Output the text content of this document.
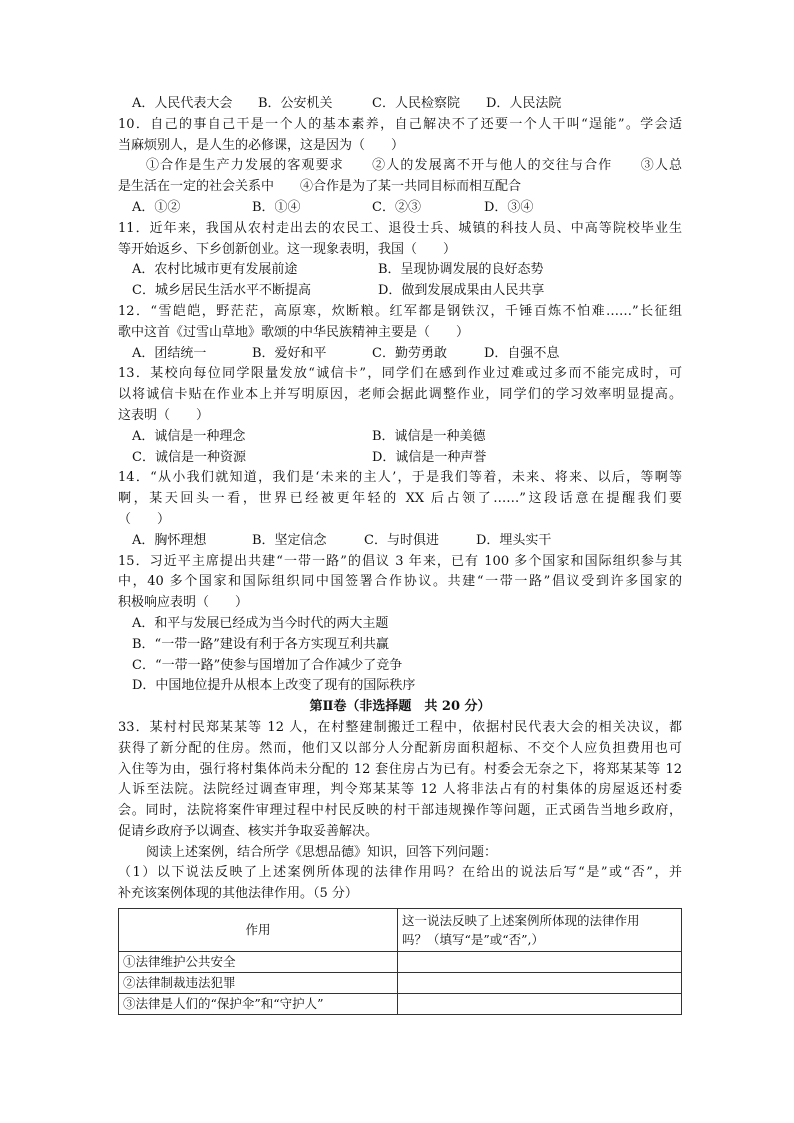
A．人民代表大会 B．公安机关	C．人民检察院 D．人民法院
10．自己的事自己干是一个人的基本素养，自己解决不了还要一个人干叫“逞能”。学会适
当麻烦别人，是人生的必修课，这是因为（　　）
①合作是生产力发展的客观要求　　②人的发展离不开与他人的交往与合作　　③人总
是生活在一定的社会关系中　　④合作是为了某一共同目标而相互配合
A．①②	B．①④	C．②③	D．③④
11．近年来，我国从农村走出去的农民工、退役士兵、城镇的科技人员、中高等院校毕业生
等开始返乡、下乡创新创业。这一现象表明，我国（　　）
A．农村比城市更有发展前途	B．呈现协调发展的良好态势
C．城乡居民生活水平不断提高	D．做到发展成果由人民共享
12．“雪皑皑，野茫茫，高原寒，炊断粮。红军都是钢铁汉，千锤百炼不怕难……”长征组
歌中这首《过雪山草地》歌颂的中华民族精神主要是（　　）
A．团结统一	B．爱好和平	C．勤劳勇敢	D．自强不息
13．某校向每位同学限量发放“诚信卡”，同学们在感到作业过难或过多而不能完成时，可
以将诚信卡贴在作业本上并写明原因，老师会据此调整作业，同学们的学习效率明显提高。
这表明（　　）
A．诚信是一种理念	B．诚信是一种美德
C．诚信是一种资源	D．诚信是一种声誉
14．“从小我们就知道，我们是‘未来的主人’，于是我们等着，未来、将来、以后，等啊等
啊，某天回头一看，世界已经被更年轻的 XX 后占领了……”这段话意在提醒我们要
（　　）
A．胸怀理想	B．坚定信念	C．与时俱进	D．埋头实干
15．习近平主席提出共建“一带一路”的倡议 3 年来，已有 100 多个国家和国际组织参与其
中，40 多个国家和国际组织同中国签署合作协议。共建“一带一路”倡议受到许多国家的
积极响应表明（　　）
A．和平与发展已经成为当今时代的两大主题
B．“一带一路”建设有利于各方实现互利共赢
C．“一带一路”使参与国增加了合作减少了竞争
D．中国地位提升从根本上改变了现有的国际秩序
第Ⅱ卷（非选择题　共 20 分）
33．某村村民郑某某等 12 人，在村整建制搬迁工程中，依据村民代表大会的相关决议，都
获得了新分配的住房。然而，他们又以部分人分配新房面积超标、不交个人应负担费用也可
入住等为由，强行将村集体尚未分配的 12 套住房占为已有。村委会无奈之下，将郑某某等 12
人诉至法院。法院经过调查审理，判令郑某某等 12 人将非法占有的村集体的房屋返还村委
会。同时，法院将案件审理过程中村民反映的村干部违规操作等问题，正式函告当地乡政府，
促请乡政府予以调查、核实并争取妥善解决。
阅读上述案例，结合所学《思想品德》知识，回答下列问题：
（1）以下说法反映了上述案例所体现的法律作用吗？在给出的说法后写“是”或“否”，并
补充该案例体现的其他法律作用。（5 分）
作用	这一说法反映了上述案例所体现的法律作用
吗？（填写“是”或“否”,）

①法律维护公共安全	
②法律制裁违法犯罪	
③法律是人们的“保护伞”和“守护人”	
